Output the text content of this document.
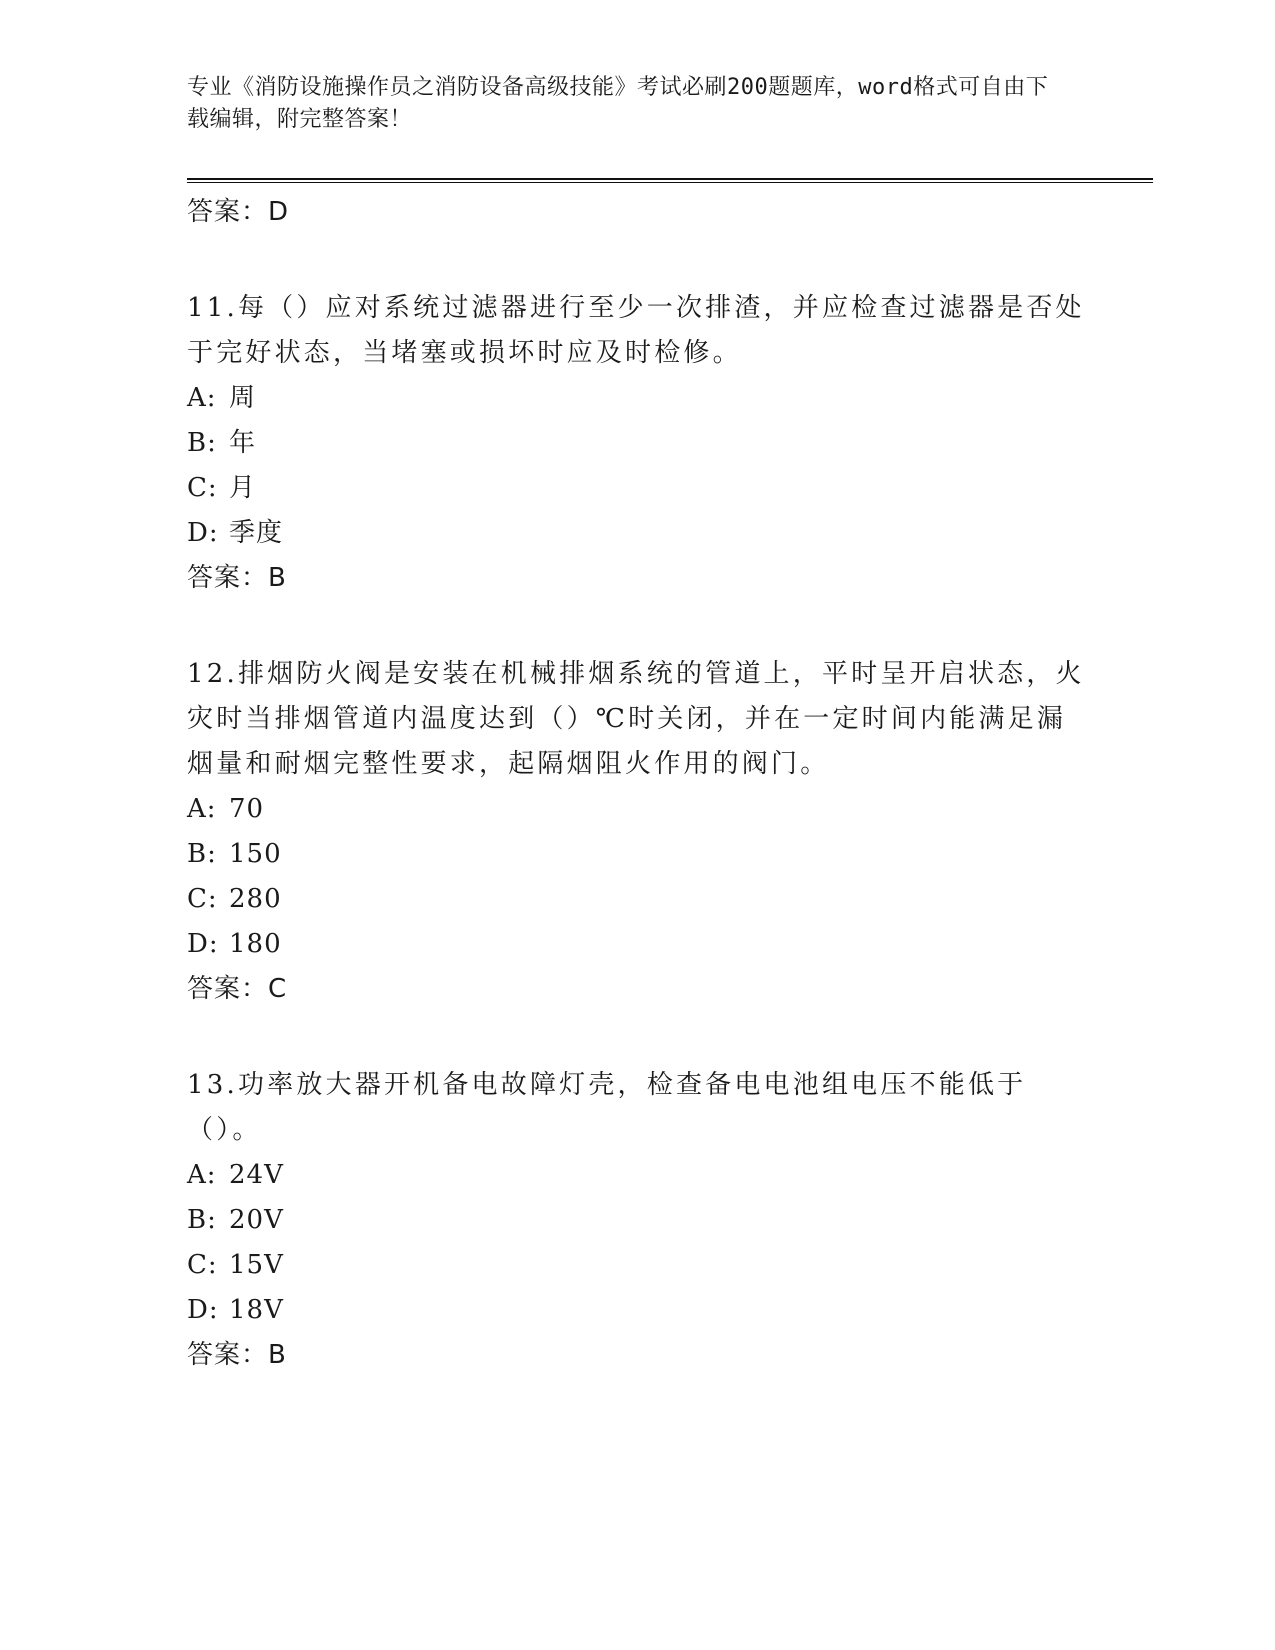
专业《消防设施操作员之消防设备高级技能》考试必刷200题题库，word格式可自由下载编辑，附完整答案！
答案：D
11.每（）应对系统过滤器进行至少一次排渣，并应检查过滤器是否处于完好状态，当堵塞或损坏时应及时检修。
A: 周
B: 年
C: 月
D: 季度
答案：B
12.排烟防火阀是安装在机械排烟系统的管道上，平时呈开启状态，火灾时当排烟管道内温度达到（）℃时关闭，并在一定时间内能满足漏烟量和耐烟完整性要求，起隔烟阻火作用的阀门。
A: 70
B: 150
C: 280
D: 180
答案：C
13.功率放大器开机备电故障灯壳，检查备电电池组电压不能低于（）。
A: 24V
B: 20V
C: 15V
D: 18V
答案：B
